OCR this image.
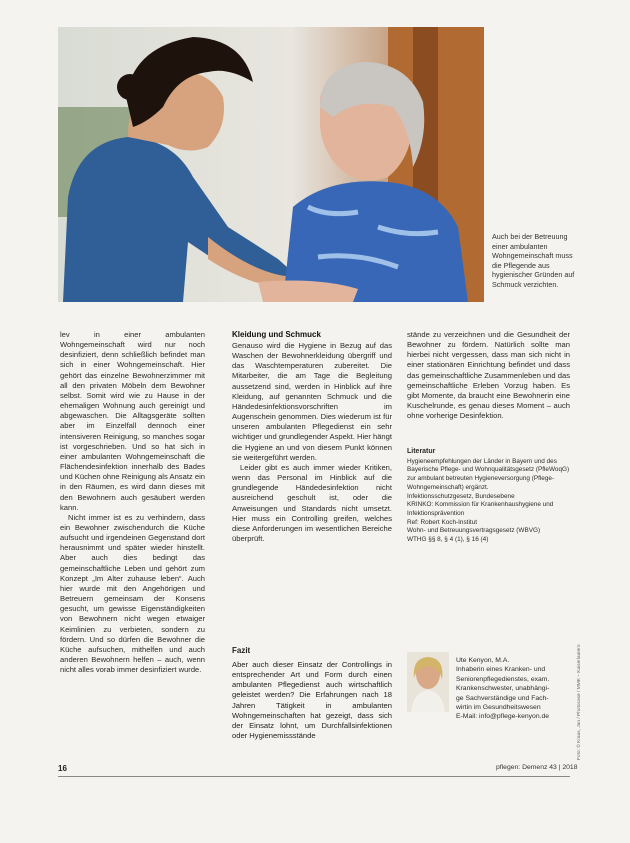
Auch bei der Betreuung einer ambulanten Wohngemeinschaft muss die Pflegende aus hygienischer Gründen auf Schmuck verzichten.

lev in einer ambulanten Wohngemeinschaft wird nur noch desinfiziert, denn schließlich befindet man sich in einer Wohngemeinschaft. Hier gehört das einzelne Bewohnerzimmer mit all den privaten Möbeln dem Bewohner selbst. Somit wird wie zu Hause in der ehemaligen Wohnung auch gereinigt und abgewaschen. Die Alltagsgeräte sollten aber im Einzelfall dennoch einer intensiveren Reinigung, so manches sogar ist vorgeschrieben. Und so hat sich in einer ambulanten Wohngemeinschaft die Flächendesinfektion innerhalb des Bades und Küchen ohne Reinigung als Ansatz ein in den Räumen, es wird dann dieses mit den Bewohnern auch gesäubert werden kann.

Nicht immer ist es zu verhindern, dass ein Bewohner zwischendurch die Küche aufsucht und irgendeinen Gegenstand dort herausnimmt und später wieder hinstellt. Aber auch dies bedingt das gemeinschaftliche Leben und gehört zum Konzept „Im Alter zuhause leben“. Auch hier wurde mit den Angehörigen und Betreuern gemeinsam der Konsens gesucht, um gewisse Eigenständigkeiten von Bewohnern nicht wegen etwaiger Keimlinien zu verbieten, sondern zu fördern. Und so dürfen die Bewohner die Küche aufsuchen, mithelfen und auch anderen Bewohnern helfen – auch, wenn nicht alles vorab immer desinfiziert wurde.

Kleidung und Schmuck

Genauso wird die Hygiene in Bezug auf das Waschen der Bewohnerkleidung übergriff und das Waschtemperaturen zubereitet. Die Mitarbeiter, die am Tage die Begleitung aussetzend sind, werden in Hinblick auf ihre Kleidung, auf genannten Schmuck und die Händedesinfektionsvorschriften im Augenschein genommen. Dies wiederum ist für unseren ambulanten Pflegedienst ein sehr wichtiger und grundlegender Aspekt. Hier hängt die Hygiene an und von diesem Punkt können sie weitergeführt werden.

Leider gibt es auch immer wieder Kritiken, wenn das Personal im Hinblick auf die grundlegende Händedesinfektion nicht ausreichend geschult ist, oder die Anweisungen und Standards nicht umsetzt. Hier muss ein Controlling greifen, welches diese Anforderungen im wesentlichen Bereiche überprüft.

stände zu verzeichnen und die Gesundheit der Bewohner zu fördern. Natürlich sollte man hierbei nicht vergessen, dass man sich nicht in einer stationären Einrichtung befindet und dass das gemeinschaftliche Zusammenleben und das gemeinschaftliche Erleben Vorzug haben. Es gibt Momente, da braucht eine Bewohnerin eine Kuschelrunde, es genau dieses Moment – auch ohne vorherige Desinfektion.

Literatur
Hygieneempfehlungen der Länder in Bayern und des Bayerische Pflege- und Wohnqualitätsgesetz (PfleWoqG) zur ambulant betreuten Hygieneversorgung (Pflege-Wohngemeinschaft) ergänzt.
Infektionsschutzgesetz, Bundesebene
KRINKO: Kommission für Krankenhaushygiene und Infektionsprävention
Ref: Robert Koch-Institut
Wohn- und Betreuungsvertragsgesetz (WBVG)
WTHG §§ 8, § 4 (1), § 16 (4)
Fazit
Aber auch dieser Einsatz der Controllings in entsprechender Art und Form durch einen ambulanten Pflegedienst auch wirtschaftlich geleistet werden? Die Erfahrungen nach 18 Jahren Tätigkeit in ambulanten Wohngemeinschaften hat gezeigt, dass sich der Einsatz lohnt, um Durchfallsinfektionen oder Hygienemissstände
Ute Kenyon, M.A.
Inhaberin eines Kranken- und
Seniorenpflegedienstes, exam.
Krankenschwester, unabhängi-
ge Sachverständige und Fach-
wirtin im Gesundheitswesen
E-Mail: info@pflege-kenyon.de	Foto: © Kraus, Jan / Photocase / MMK – Kaiserlautern
16	pflegen: Demenz 43 | 2018
